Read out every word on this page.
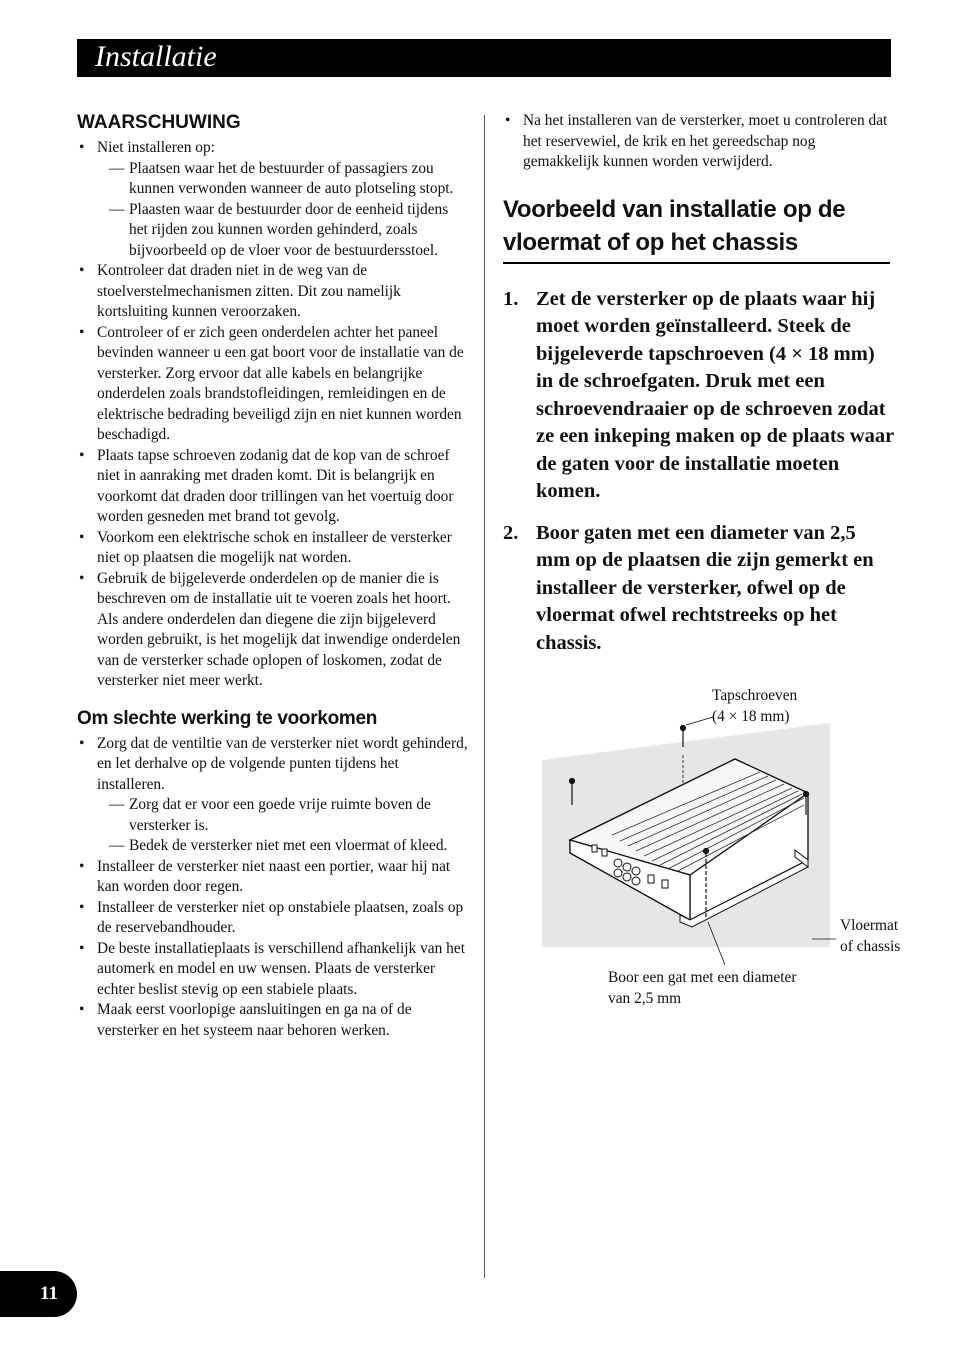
Installatie
WAARSCHUWING
• Niet installeren op:
— Plaatsen waar het de bestuurder of passagiers zou kunnen verwonden wanneer de auto plotseling stopt.
— Plaasten waar de bestuurder door de eenheid tijdens het rijden zou kunnen worden gehinderd, zoals bijvoorbeeld op de vloer voor de bestuurdersstoel.
• Kontroleer dat draden niet in de weg van de stoelverstelmechanismen zitten. Dit zou namelijk kortsluiting kunnen veroorzaken.
• Controleer of er zich geen onderdelen achter het paneel bevinden wanneer u een gat boort voor de installatie van de versterker. Zorg ervoor dat alle kabels en belangrijke onderdelen zoals brandstofleidingen, remleidingen en de elektrische bedrading beveiligd zijn en niet kunnen worden beschadigd.
• Plaats tapse schroeven zodanig dat de kop van de schroef niet in aanraking met draden komt. Dit is belangrijk en voorkomt dat draden door trillingen van het voertuig door worden gesneden met brand tot gevolg.
• Voorkom een elektrische schok en installeer de versterker niet op plaatsen die mogelijk nat worden.
• Gebruik de bijgeleverde onderdelen op de manier die is beschreven om de installatie uit te voeren zoals het hoort. Als andere onderdelen dan diegene die zijn bijgeleverd worden gebruikt, is het mogelijk dat inwendige onderdelen van de versterker schade oplopen of loskomen, zodat de versterker niet meer werkt.
Om slechte werking te voorkomen
• Zorg dat de ventiltie van de versterker niet wordt gehinderd, en let derhalve op de volgende punten tijdens het installeren.
— Zorg dat er voor een goede vrije ruimte boven de versterker is.
— Bedek de versterker niet met een vloermat of kleed.
• Installeer de versterker niet naast een portier, waar hij nat kan worden door regen.
• Installeer de versterker niet op onstabiele plaatsen, zoals op de reservebandhouder.
• De beste installatieplaats is verschillend afhankelijk van het automerk en model en uw wensen. Plaats de versterker echter beslist stevig op een stabiele plaats.
• Maak eerst voorlopige aansluitingen en ga na of de versterker en het systeem naar behoren werken.
• Na het installeren van de versterker, moet u controleren dat het reservewiel, de krik en het gereedschap nog gemakkelijk kunnen worden verwijderd.
Voorbeeld van installatie op de vloermat of op het chassis
1. Zet de versterker op de plaats waar hij moet worden geïnstalleerd. Steek de bijgeleverde tapschroeven (4 × 18 mm) in de schroefgaten. Druk met een schroevendraaier op de schroeven zodat ze een inkeping maken op de plaats waar de gaten voor de installatie moeten komen.
2. Boor gaten met een diameter van 2,5 mm op de plaatsen die zijn gemerkt en installeer de versterker, ofwel op de vloermat ofwel rechtstreeks op het chassis.
Tapschroeven
(4 × 18 mm)
Vloermat
of chassis
Boor een gat met een diameter
van 2,5 mm
11
